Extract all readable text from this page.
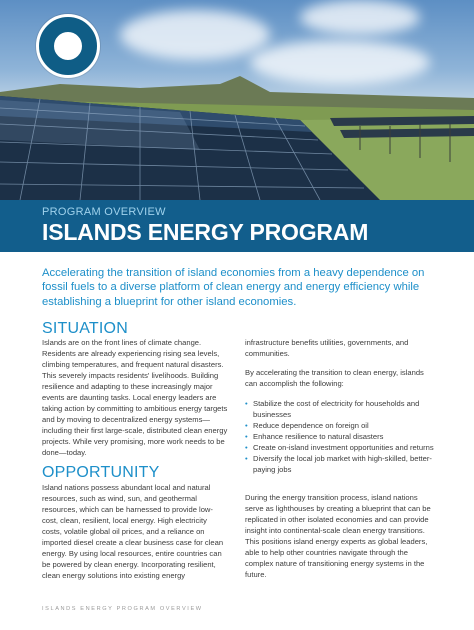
PROGRAM OVERVIEW
ISLANDS ENERGY PROGRAM
Accelerating the transition of island economies from a heavy dependence on fossil fuels to a diverse platform of clean energy and energy efficiency while establishing a blueprint for other island economies.
SITUATION
Islands are on the front lines of climate change. Residents are already experiencing rising sea levels, climbing temperatures, and frequent natural disasters. This severely impacts residents' livelihoods. Building resilience and adapting to these increasingly major events are daunting tasks. Local energy leaders are taking action by committing to ambitious energy targets and by moving to decentralized energy systems—including their first large-scale, distributed clean energy projects. While very promising, more work needs to be done—today.
OPPORTUNITY
Island nations possess abundant local and natural resources, such as wind, sun, and geothermal resources, which can be harnessed to provide low-cost, clean, resilient, local energy. High electricity costs, volatile global oil prices, and a reliance on imported diesel create a clear business case for clean energy. By using local resources, entire countries can be powered by clean energy. Incorporating resilient, clean energy solutions into existing energy
infrastructure benefits utilities, governments, and communities.
By accelerating the transition to clean energy, islands can accomplish the following:
• Stabilize the cost of electricity for households and businesses
• Reduce dependence on foreign oil
• Enhance resilience to natural disasters
• Create on-island investment opportunities and returns
• Diversify the local job market with high-skilled, better-paying jobs
During the energy transition process, island nations serve as lighthouses by creating a blueprint that can be replicated in other isolated economies and can provide insight into continental-scale clean energy transitions. This positions island energy experts as global leaders, able to help other countries navigate through the complex nature of transitioning energy systems in the future.
ISLANDS ENERGY PROGRAM OVERVIEW
